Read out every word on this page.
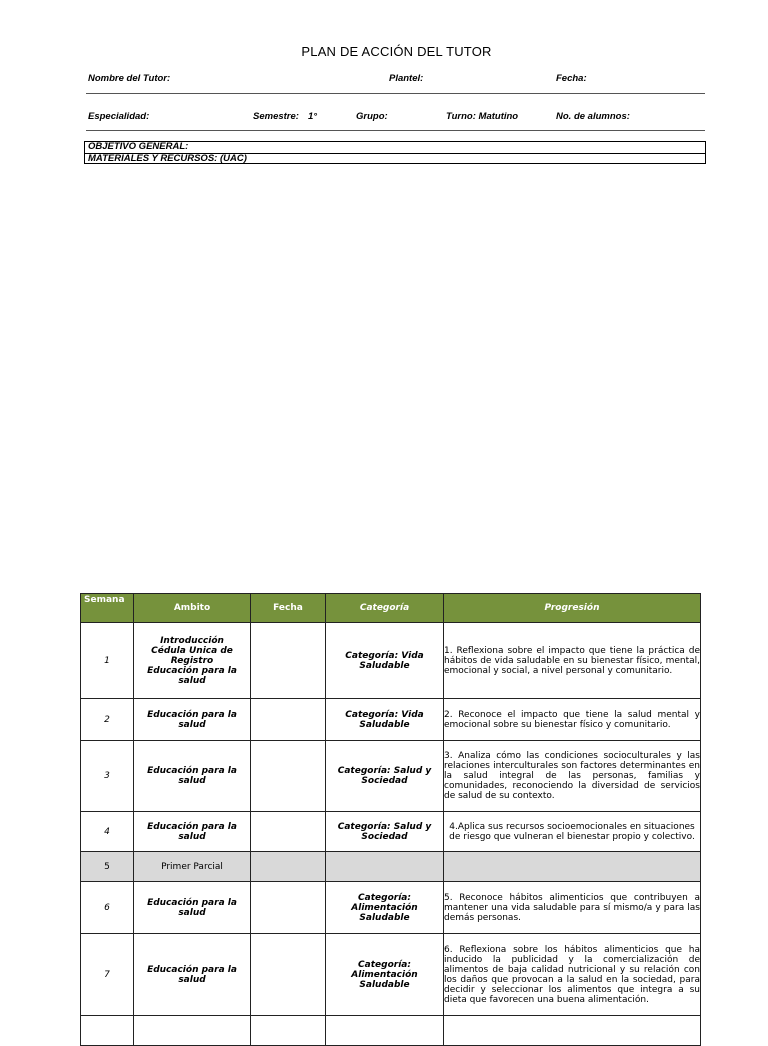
PLAN DE ACCIÓN DEL TUTOR
Nombre del Tutor:	Plantel:	Fecha:
Especialidad:	Semestre: 1°	Grupo:	Turno: Matutino	No. de alumnos:
OBJETIVO GENERAL:
MATERIALES Y RECURSOS: (UAC)
Semana	Ambito	Fecha	Categoría	Progresión
1	Introducción
Cédula Unica de Registro
Educación para la salud		Categoría: Vida Saludable	1. Reflexiona sobre el impacto que tiene la práctica de hábitos de vida saludable en su bienestar físico, mental, emocional y social, a nivel personal y comunitario.
2	Educación para la salud		Categoría: Vida Saludable	2. Reconoce el impacto que tiene la salud mental y emocional sobre su bienestar físico y comunitario.
3	Educación para la salud		Categoría: Salud y Sociedad	3. Analiza cómo las condiciones socioculturales y las relaciones interculturales son factores determinantes en la salud integral de las personas, familias y comunidades, reconociendo la diversidad de servicios de salud de su contexto.
4	Educación para la salud		Categoría: Salud y Sociedad	4.Aplica sus recursos socioemocionales en situaciones de riesgo que vulneran el bienestar propio y colectivo.
5	Primer Parcial			
6	Educación para la salud		Categoría: Alimentación Saludable	5. Reconoce hábitos alimenticios que contribuyen a mantener una vida saludable para sí mismo/a y para las demás personas.
7	Educación para la salud		Categoría: Alimentación Saludable	6. Reflexiona sobre los hábitos alimenticios que ha inducido la publicidad y la comercialización de alimentos de baja calidad nutricional y su relación con los daños que provocan a la salud en la sociedad, para decidir y seleccionar los alimentos que integra a su dieta que favorecen una buena alimentación.
